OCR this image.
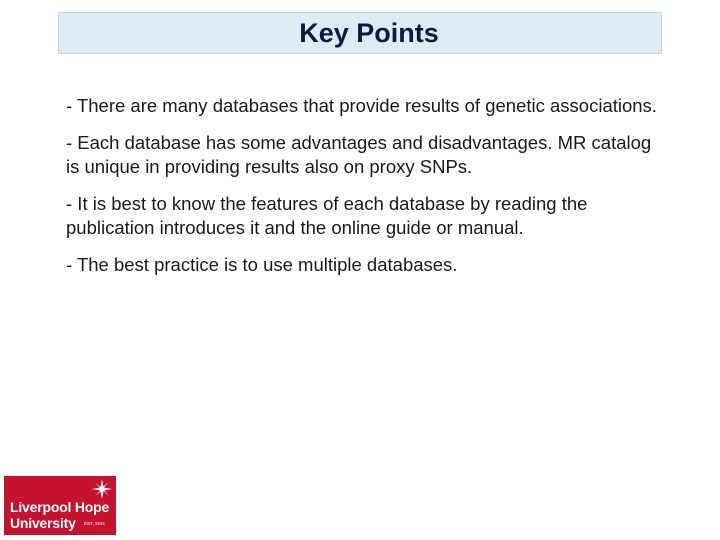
Key Points

- There are many databases that provide results of genetic associations.

- Each database has some advantages and disadvantages. MR catalog is unique in providing results also on proxy SNPs.

- It is best to know the features of each database by reading the publication introduces it and the online guide or manual.

- The best practice is to use multiple databases.

Liverpool Hope
University EST. 1844
